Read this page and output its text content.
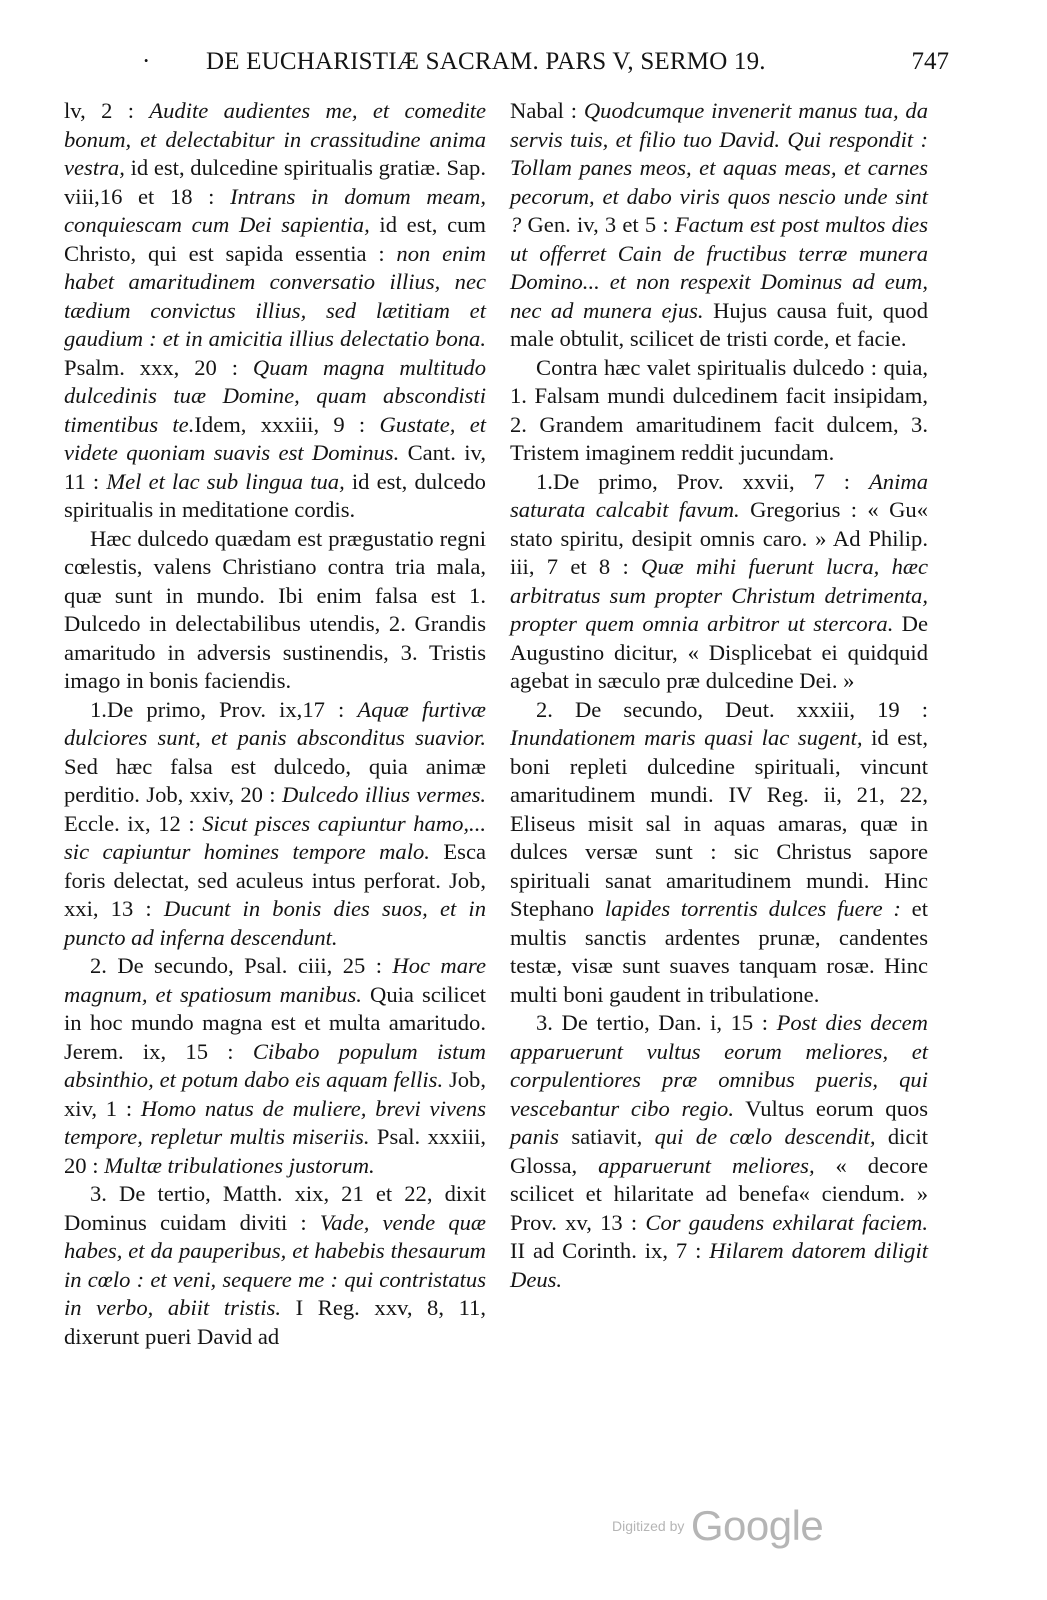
· DE EUCHARISTIÆ SACRAM. PARS V, SERMO 19.	747

lv, 2 : Audite audientes me, et comedite bonum, et delectabitur in crassitudine anima vestra, id est, dulcedine spiritualis gratiæ. Sap. viii,16 et 18 : Intrans in domum meam, conquiescam cum Dei sapientia, id est, cum Christo, qui est sapida essentia : non enim habet amaritudinem conversatio illius, nec tædium convictus illius, sed lætitiam et gaudium : et in amicitia illius delectatio bona. Psalm. xxx, 20 : Quam magna multitudo dulcedinis tuæ Domine, quam abscondisti timentibus te.Idem, xxxiii, 9 : Gustate, et videte quoniam suavis est Dominus. Cant. iv, 11 : Mel et lac sub lingua tua, id est, dulcedo spiritualis in meditatione cordis.

Hæc dulcedo quædam est prægustatio regni cœlestis, valens Christiano contra tria mala, quæ sunt in mundo. Ibi enim falsa est 1. Dulcedo in delectabilibus utendis, 2. Grandis amaritudo in adversis sustinendis, 3. Tristis imago in bonis faciendis.

1.De primo, Prov. ix,17 : Aquæ furtivæ dulciores sunt, et panis absconditus suavior. Sed hæc falsa est dulcedo, quia animæ perditio. Job, xxiv, 20 : Dulcedo illius vermes. Eccle. ix, 12 : Sicut pisces capiuntur hamo,... sic capiuntur homines tempore malo. Esca foris delectat, sed aculeus intus perforat. Job, xxi, 13 : Ducunt in bonis dies suos, et in puncto ad inferna descendunt.

2. De secundo, Psal. ciii, 25 : Hoc mare magnum, et spatiosum manibus. Quia scilicet in hoc mundo magna est et multa amaritudo. Jerem. ix, 15 : Cibabo populum istum absinthio, et potum dabo eis aquam fellis. Job, xiv, 1 : Homo natus de muliere, brevi vivens tempore, repletur multis miseriis. Psal. xxxiii, 20 : Multæ tribulationes justorum.

3. De tertio, Matth. xix, 21 et 22, dixit Dominus cuidam diviti : Vade, vende quæ habes, et da pauperibus, et habebis thesaurum in cœlo : et veni, sequere me : qui contristatus in verbo, abiit tristis. I Reg. xxv, 8, 11, dixerunt pueri David ad

Nabal : Quodcumque invenerit manus tua, da servis tuis, et filio tuo David. Qui respondit : Tollam panes meos, et aquas meas, et carnes pecorum, et dabo viris quos nescio unde sint ? Gen. iv, 3 et 5 : Factum est post multos dies ut offerret Cain de fructibus terræ munera Domino... et non respexit Dominus ad eum, nec ad munera ejus. Hujus causa fuit, quod male obtulit, scilicet de tristi corde, et facie.

Contra hæc valet spiritualis dulcedo : quia, 1. Falsam mundi dulcedinem facit insipidam, 2. Grandem amaritudinem facit dulcem, 3. Tristem imaginem reddit jucundam.

1.De primo, Prov. xxvii, 7 : Anima saturata calcabit favum. Gregorius : « Gu« stato spiritu, desipit omnis caro. » Ad Philip. iii, 7 et 8 : Quæ mihi fuerunt lucra, hæc arbitratus sum propter Christum detrimenta, propter quem omnia arbitror ut stercora. De Augustino dicitur, « Displicebat ei quidquid agebat in sæculo præ dulcedine Dei. »

2. De secundo, Deut. xxxiii, 19 : Inundationem maris quasi lac sugent, id est, boni repleti dulcedine spirituali, vincunt amaritudinem mundi. IV Reg. ii, 21, 22, Eliseus misit sal in aquas amaras, quæ in dulces versæ sunt : sic Christus sapore spirituali sanat amaritudinem mundi. Hinc Stephano lapides torrentis dulces fuere : et multis sanctis ardentes prunæ, candentes testæ, visæ sunt suaves tanquam rosæ. Hinc multi boni gaudent in tribulatione.

3. De tertio, Dan. i, 15 : Post dies decem apparuerunt vultus eorum meliores, et corpulentiores præ omnibus pueris, qui vescebantur cibo regio. Vultus eorum quos panis satiavit, qui de cœlo descendit, dicit Glossa, apparuerunt meliores, « decore scilicet et hilaritate ad benefa« ciendum. » Prov. xv, 13 : Cor gaudens exhilarat faciem. II ad Corinth. ix, 7 : Hilarem datorem diligit Deus.

Digitized by Google
